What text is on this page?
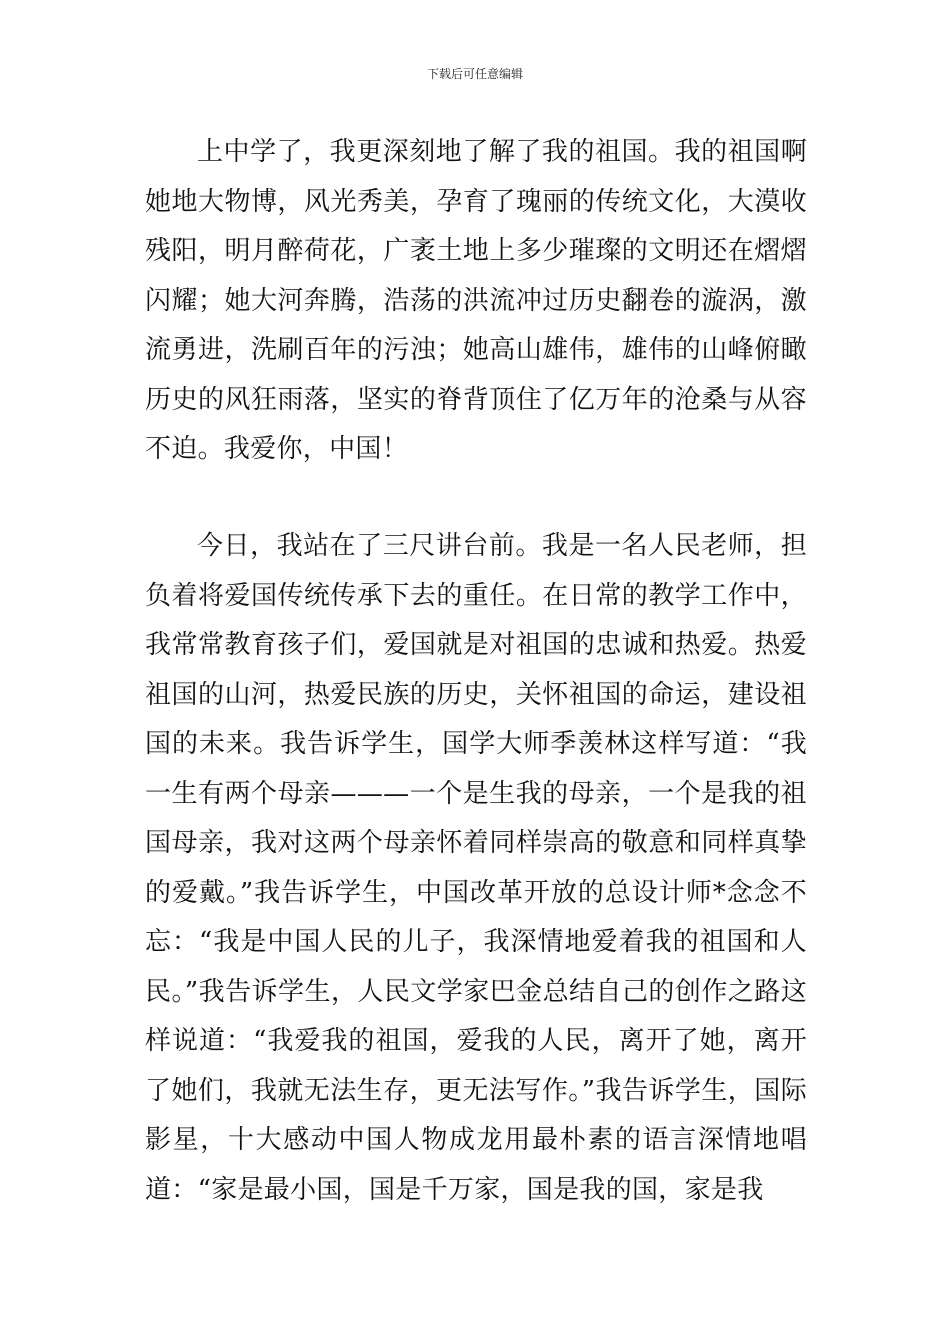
下载后可任意编辑

上中学了，我更深刻地了解了我的祖国。我的祖国啊她地大物博，风光秀美，孕育了瑰丽的传统文化，大漠收残阳，明月醉荷花，广袤土地上多少璀璨的文明还在熠熠闪耀；她大河奔腾，浩荡的洪流冲过历史翻卷的漩涡，激流勇进，洗刷百年的污浊；她高山雄伟，雄伟的山峰俯瞰历史的风狂雨落，坚实的脊背顶住了亿万年的沧桑与从容不迫。我爱你，中国！

今日，我站在了三尺讲台前。我是一名人民老师，担负着将爱国传统传承下去的重任。在日常的教学工作中，我常常教育孩子们，爱国就是对祖国的忠诚和热爱。热爱祖国的山河，热爱民族的历史，关怀祖国的命运，建设祖国的未来。我告诉学生，国学大师季羡林这样写道：“我一生有两个母亲———一个是生我的母亲，一个是我的祖国母亲，我对这两个母亲怀着同样崇高的敬意和同样真挚的爱戴。”我告诉学生，中国改革开放的总设计师*念念不忘：“我是中国人民的儿子，我深情地爱着我的祖国和人民。”我告诉学生，人民文学家巴金总结自己的创作之路这样说道：“我爱我的祖国，爱我的人民，离开了她，离开了她们，我就无法生存，更无法写作。”我告诉学生，国际影星，十大感动中国人物成龙用最朴素的语言深情地唱道：“家是最小国，国是千万家，国是我的国，家是我
